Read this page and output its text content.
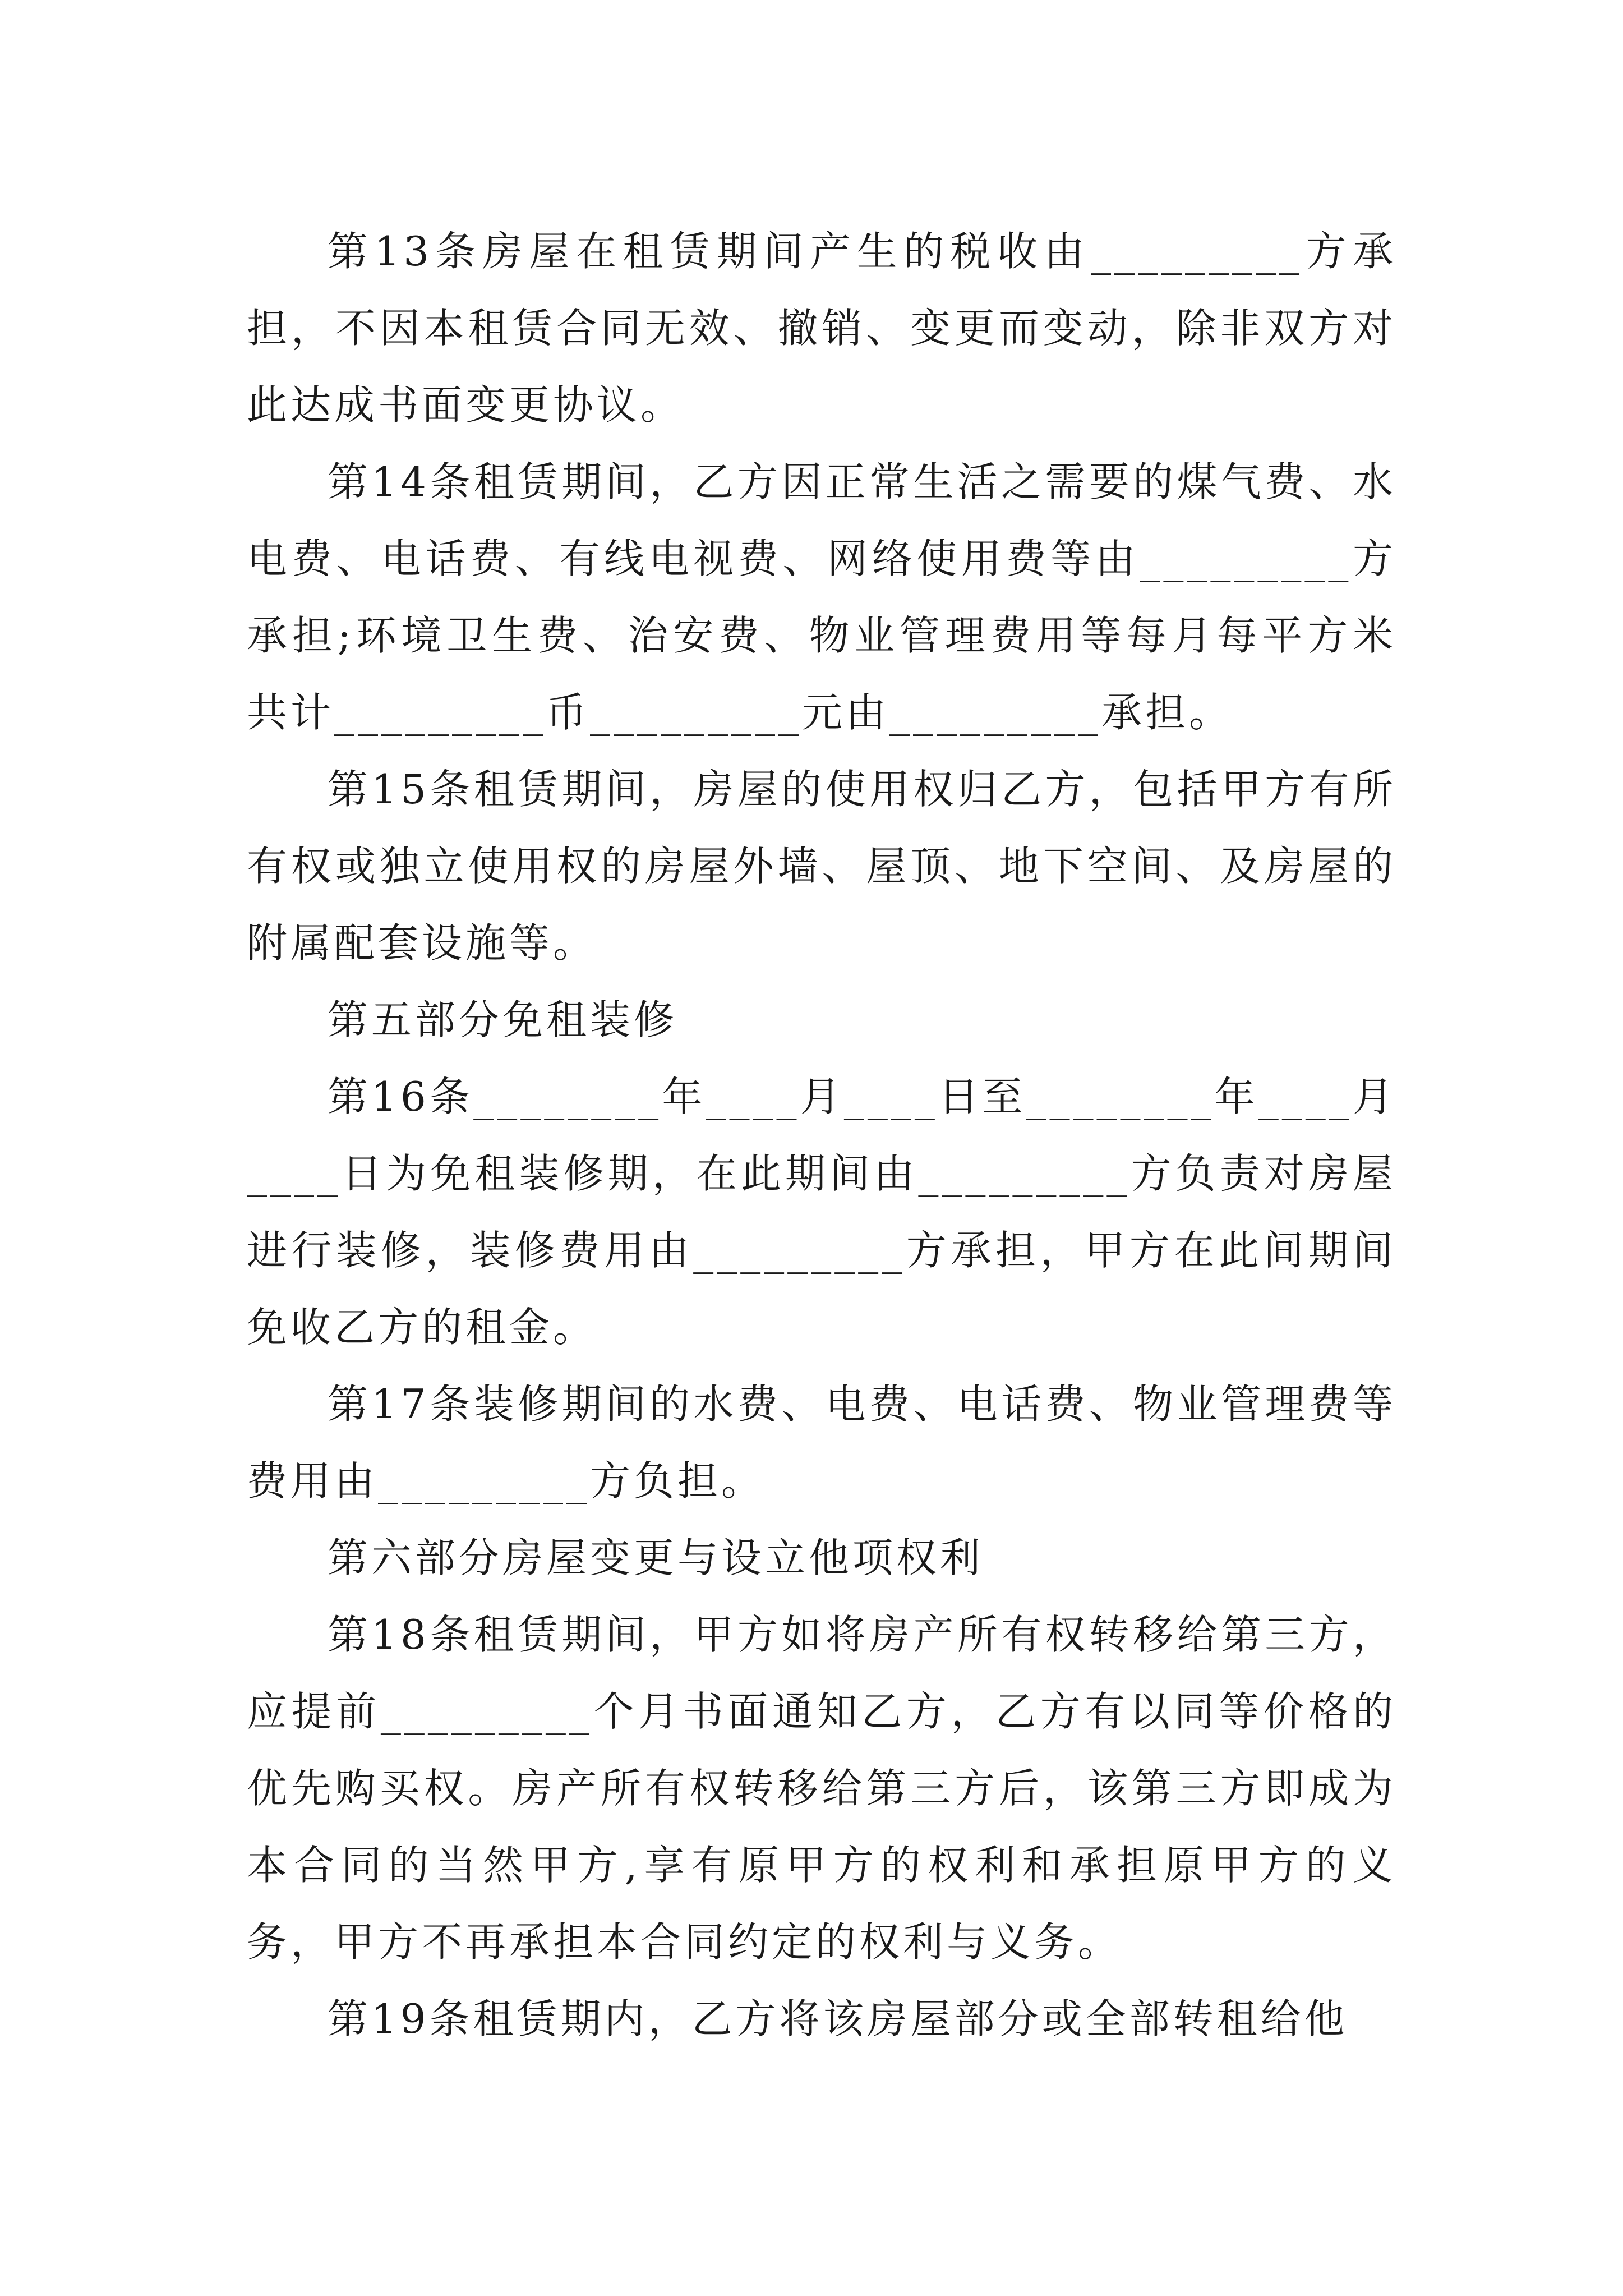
第13条房屋在租赁期间产生的税收由_________方承担，不因本租赁合同无效、撤销、变更而变动，除非双方对此达成书面变更协议。

第14条租赁期间，乙方因正常生活之需要的煤气费、水电费、电话费、有线电视费、网络使用费等由_________方承担;环境卫生费、治安费、物业管理费用等每月每平方米共计_________币_________元由_________承担。

第15条租赁期间，房屋的使用权归乙方，包括甲方有所有权或独立使用权的房屋外墙、屋顶、地下空间、及房屋的附属配套设施等。

第五部分免租装修

第16条________年____月____日至________年____月____日为免租装修期，在此期间由_________方负责对房屋进行装修，装修费用由_________方承担，甲方在此间期间免收乙方的租金。

第17条装修期间的水费、电费、电话费、物业管理费等费用由_________方负担。

第六部分房屋变更与设立他项权利

第18条租赁期间，甲方如将房产所有权转移给第三方，应提前_________个月书面通知乙方，乙方有以同等价格的优先购买权。房产所有权转移给第三方后，该第三方即成为本合同的当然甲方,享有原甲方的权利和承担原甲方的义务，甲方不再承担本合同约定的权利与义务。

第19条租赁期内，乙方将该房屋部分或全部转租给他
